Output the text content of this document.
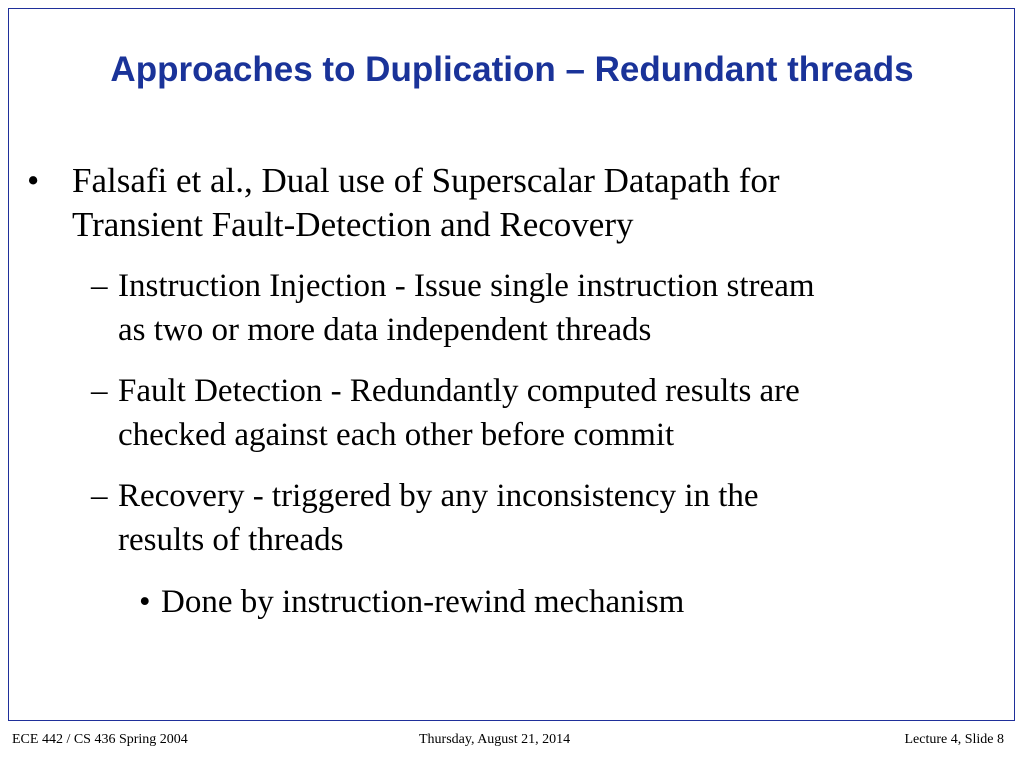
Approaches to Duplication – Redundant threads
• Falsafi et al., Dual use of Superscalar Datapath for
Transient Fault-Detection and Recovery
– Instruction Injection - Issue single instruction stream
as two or more data independent threads
– Fault Detection - Redundantly computed results are
checked against each other before commit
– Recovery - triggered by any inconsistency in the
results of threads
• Done by instruction-rewind mechanism
ECE 442 / CS 436 Spring 2004	Thursday, August 21, 2014	Lecture 4, Slide 8
